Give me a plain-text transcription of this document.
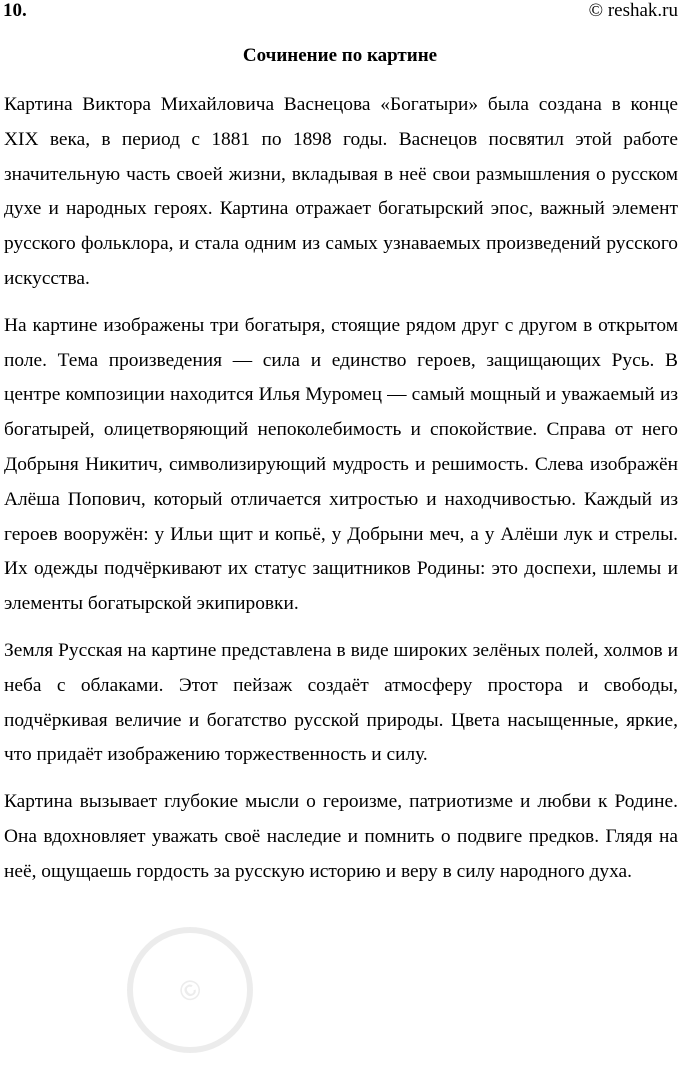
10.	© reshak.ru
Сочинение по картине

Картина Виктора Михайловича Васнецова «Богатыри» была создана в конце XIX века, в период с 1881 по 1898 годы. Васнецов посвятил этой работе значительную часть своей жизни, вкладывая в неё свои размышления о русском духе и народных героях. Картина отражает богатырский эпос, важный элемент русского фольклора, и стала одним из самых узнаваемых произведений русского искусства.

На картине изображены три богатыря, стоящие рядом друг с другом в открытом поле. Тема произведения — сила и единство героев, защищающих Русь. В центре композиции находится Илья Муромец — самый мощный и уважаемый из богатырей, олицетворяющий непоколебимость и спокойствие. Справа от него Добрыня Никитич, символизирующий мудрость и решимость. Слева изображён Алёша Попович, который отличается хитростью и находчивостью. Каждый из героев вооружён: у Ильи щит и копьё, у Добрыни меч, а у Алёши лук и стрелы. Их одежды подчёркивают их статус защитников Родины: это доспехи, шлемы и элементы богатырской экипировки.

Земля Русская на картине представлена в виде широких зелёных полей, холмов и неба с облаками. Этот пейзаж создаёт атмосферу простора и свободы, подчёркивая величие и богатство русской природы. Цвета насыщенные, яркие, что придаёт изображению торжественность и силу.

Картина вызывает глубокие мысли о героизме, патриотизме и любви к Родине. Она вдохновляет уважать своё наследие и помнить о подвиге предков. Глядя на неё, ощущаешь гордость за русскую историю и веру в силу народного духа.

©
